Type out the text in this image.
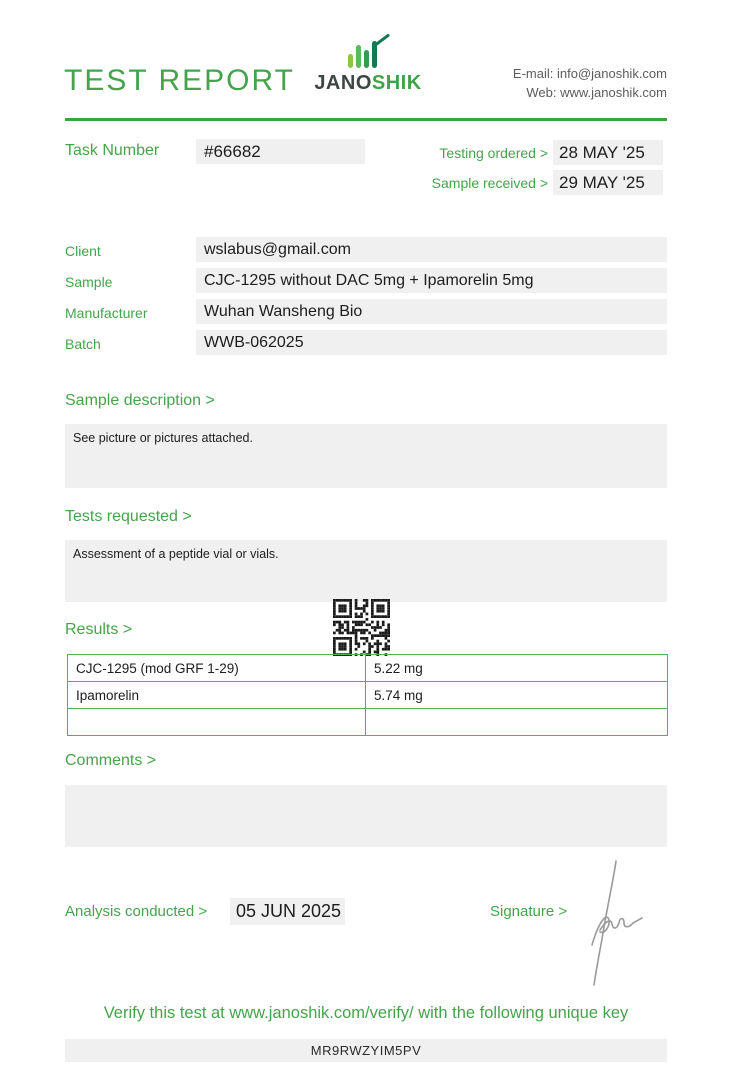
TEST REPORT JANOSHIK	E-mail: info@janoshik.com
Web: www.janoshik.com
Task Number	#66682	Testing ordered > 28 MAY '25
Sample received > 29 MAY '25
Client	wslabus@gmail.com
Sample	CJC-1295 without DAC 5mg + Ipamorelin 5mg
Manufacturer	Wuhan Wansheng Bio
Batch	WWB-062025
Sample description >
See picture or pictures attached.
Tests requested >
Assessment of a peptide vial or vials.
Results >
CJC-1295 (mod GRF 1-29)	5.22 mg
Ipamorelin	5.74 mg

Comments >
Analysis conducted >	05 JUN 2025	Signature >
Verify this test at www.janoshik.com/verify/ with the following unique key
MR9RWZYIM5PV
